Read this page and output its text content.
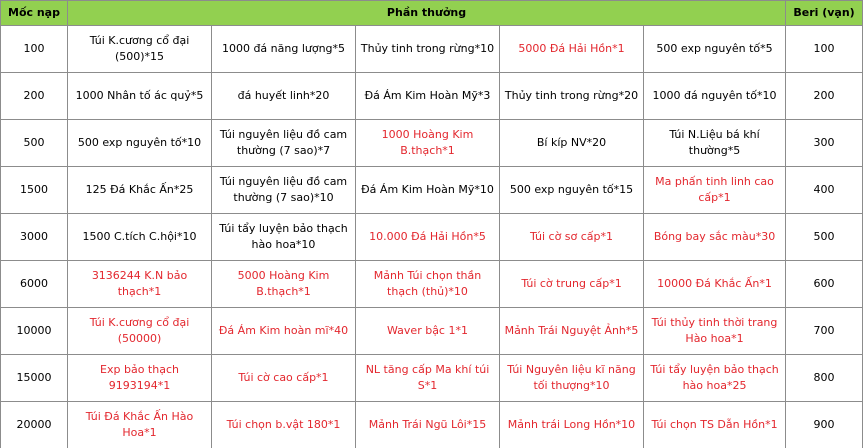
Mốc nạp	Phần thưởng					Beri (vạn)
100	Túi K.cương cổ đại (500)*15	1000 đá năng lượng*5	Thủy tinh trong rừng*10	5000 Đá Hải Hồn*1	500 exp nguyên tố*5	100
200	1000 Nhân tố ác quỷ*5	đá huyết linh*20	Đá Ám Kim Hoàn Mỹ*3	Thủy tinh trong rừng*20	1000 đá nguyên tố*10	200
500	500 exp nguyên tố*10	Túi nguyên liệu đồ cam thường (7 sao)*7	1000 Hoàng Kim B.thạch*1	Bí kíp NV*20	Túi N.Liệu bá khí thường*5	300
1500	125 Đá Khắc Ấn*25	Túi nguyên liệu đồ cam thường (7 sao)*10	Đá Ám Kim Hoàn Mỹ*10	500 exp nguyên tố*15	Ma phấn tinh linh cao cấp*1	400
3000	1500 C.tích C.hội*10	Túi tẩy luyện bảo thạch hào hoa*10	10.000 Đá Hải Hồn*5	Túi cờ sơ cấp*1	Bóng bay sắc màu*30	500
6000	3136244 K.N bảo thạch*1	5000 Hoàng Kim B.thạch*1	Mảnh Túi chọn thần thạch (thủ)*10	Túi cờ trung cấp*1	10000 Đá Khắc Ấn*1	600
10000	Túi K.cương cổ đại (50000)	Đá Ám Kim hoàn mĩ*40	Waver bậc 1*1	Mảnh Trái Nguyệt Ảnh*5	Túi thủy tinh thời trang Hào hoa*1	700
15000	Exp bảo thạch 9193194*1	Túi cờ cao cấp*1	NL tăng cấp Ma khí túi S*1	Túi Nguyên liệu kĩ năng tối thượng*10	Túi tẩy luyện bảo thạch hào hoa*25	800
20000	Túi Đá Khắc Ấn Hào Hoa*1	Túi chọn b.vật 180*1	Mảnh Trái Ngũ Lôi*15	Mảnh trái Long Hồn*10	Túi chọn TS Dẫn Hồn*1	900
